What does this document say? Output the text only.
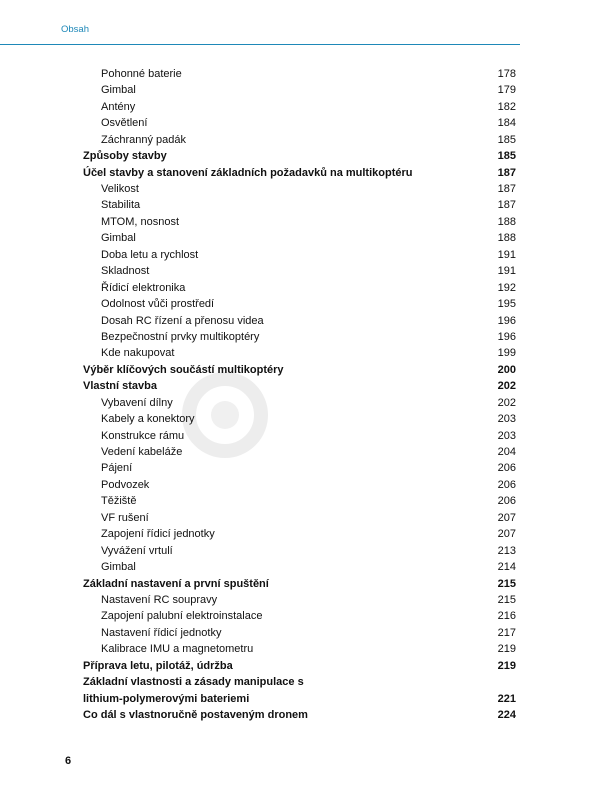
Obsah
Pohonné baterie	178
Gimbal	179
Antény	182
Osvětlení	184
Záchranný padák	185
Způsoby stavby	185
Účel stavby a stanovení základních požadavků na multikoptéru	187
Velikost	187
Stabilita	187
MTOM, nosnost	188
Gimbal	188
Doba letu a rychlost	191
Skladnost	191
Řídicí elektronika	192
Odolnost vůči prostředí	195
Dosah RC řízení a přenosu videa	196
Bezpečnostní prvky multikoptéry	196
Kde nakupovat	199
Výběr klíčových součástí multikoptéry	200
Vlastní stavba	202
Vybavení dílny	202
Kabely a konektory	203
Konstrukce rámu	203
Vedení kabeláže	204
Pájení	206
Podvozek	206
Těžiště	206
VF rušení	207
Zapojení řídicí jednotky	207
Vyvážení vrtulí	213
Gimbal	214
Základní nastavení a první spuštění	215
Nastavení RC soupravy	215
Zapojení palubní elektroinstalace	216
Nastavení řídicí jednotky	217
Kalibrace IMU a magnetometru	219
Příprava letu, pilotáž, údržba	219
Základní vlastnosti a zásady manipulace s lithium-polymerovými bateriemi	221
Co dál s vlastnoručně postaveným dronem	224
6
